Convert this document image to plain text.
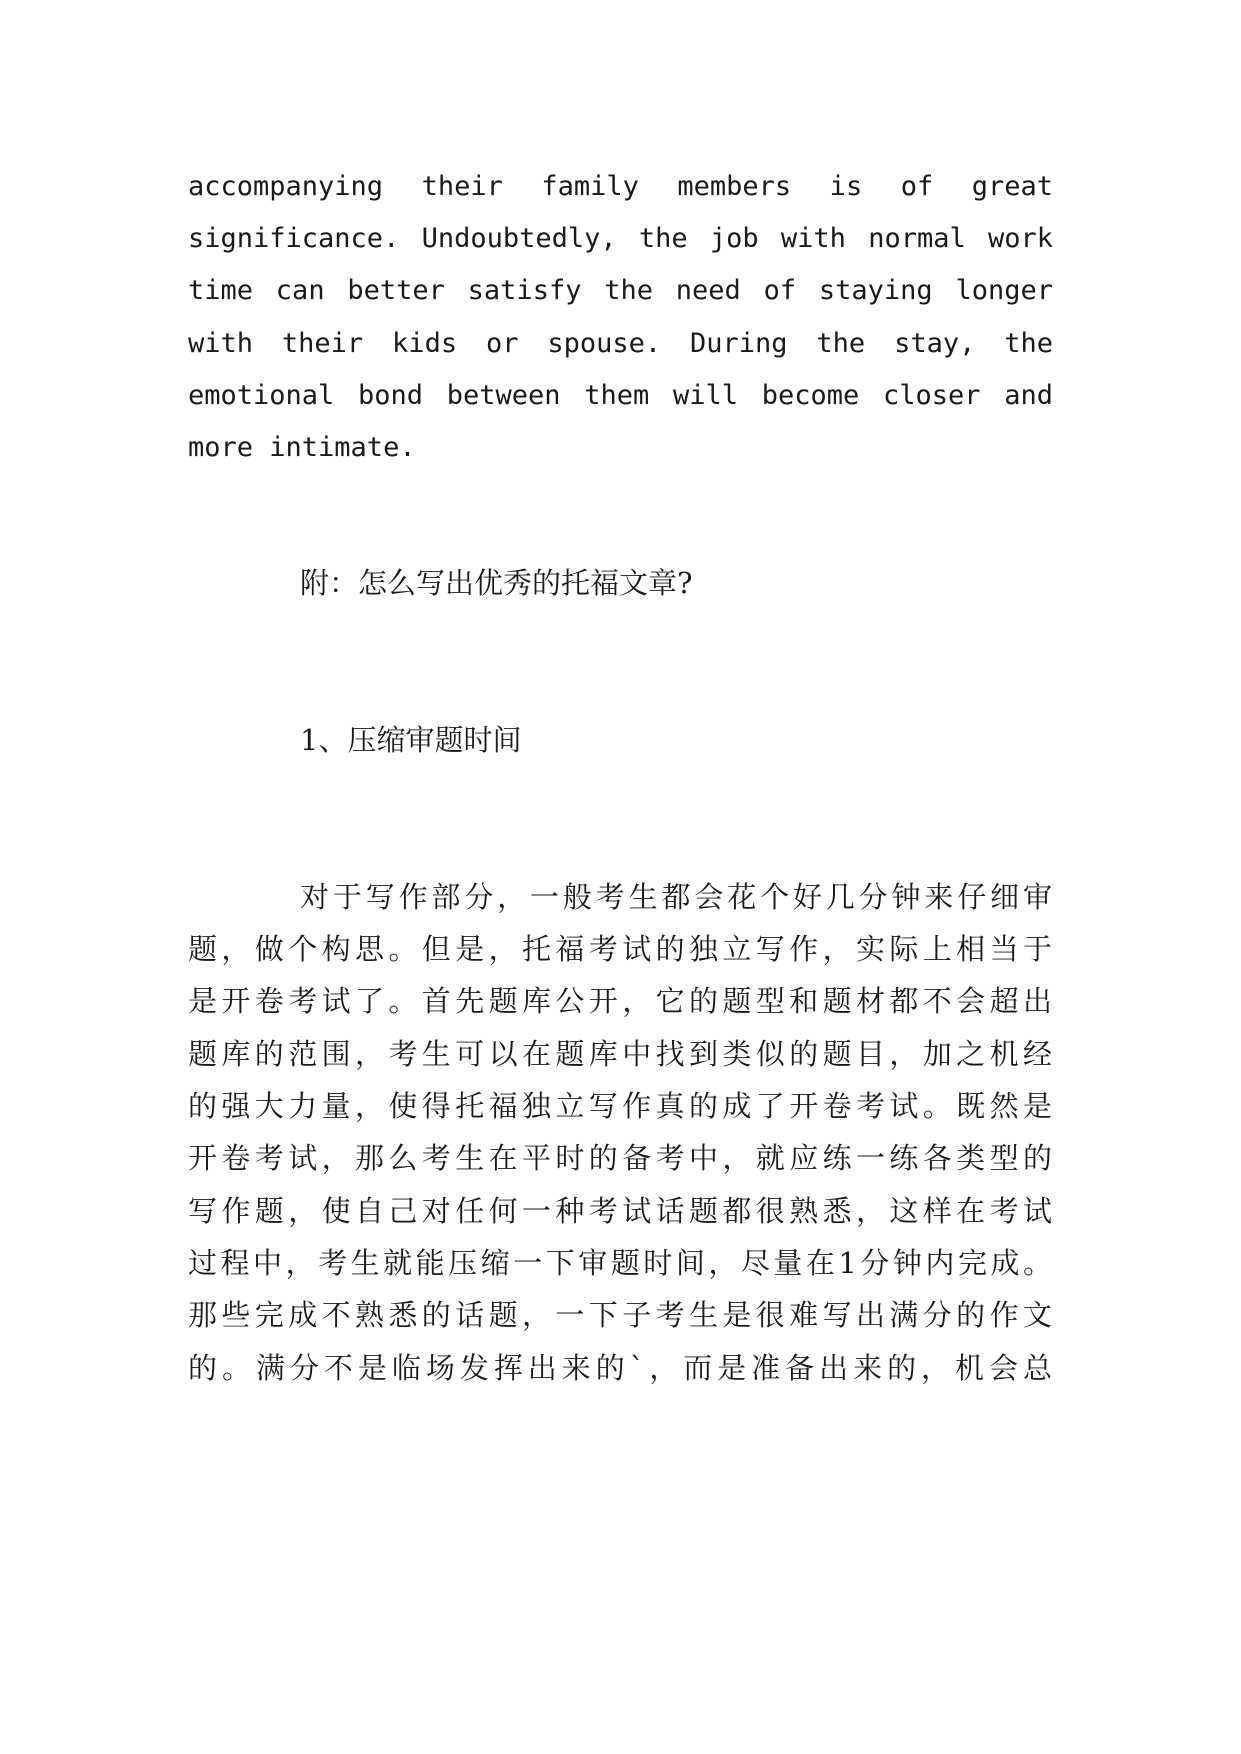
accompanying their family members is of great
significance. Undoubtedly, the job with normal work
time can better satisfy the need of staying longer
with their kids or spouse. During the stay, the
emotional bond between them will become closer and
more intimate.
附：怎么写出优秀的托福文章?
1、压缩审题时间
对于写作部分，一般考生都会花个好几分钟来仔细审
题，做个构思。但是，托福考试的独立写作，实际上相当于
是开卷考试了。首先题库公开，它的题型和题材都不会超出
题库的范围，考生可以在题库中找到类似的题目，加之机经
的强大力量，使得托福独立写作真的成了开卷考试。既然是
开卷考试，那么考生在平时的备考中，就应练一练各类型的
写作题，使自己对任何一种考试话题都很熟悉，这样在考试
过程中，考生就能压缩一下审题时间，尽量在1分钟内完成。
那些完成不熟悉的话题，一下子考生是很难写出满分的作文
的。满分不是临场发挥出来的`，而是准备出来的，机会总
